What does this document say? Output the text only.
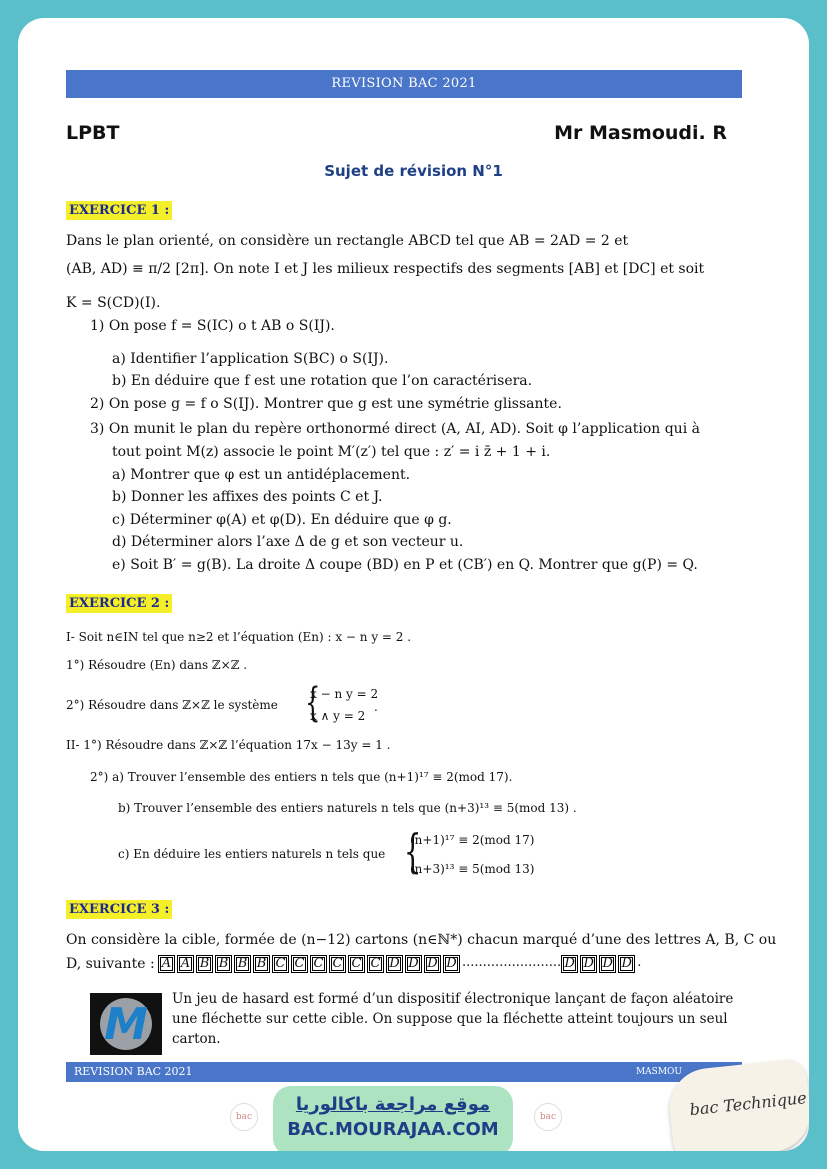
REVISION BAC 2021
LPBT	Mr Masmoudi. R
Sujet de révision N°1
EXERCICE 1 :
Dans le plan orienté, on considère un rectangle ABCD tel que AB = 2AD = 2 et
(AB, AD) ≡ π/2 [2π]. On note I et J les milieux respectifs des segments [AB] et [DC] et soit
K = S(CD)(I).
1) On pose f = S(IC) o t AB o S(IJ).
a) Identifier l’application S(BC) o S(IJ).
b) En déduire que f est une rotation que l’on caractérisera.
2) On pose g = f o S(IJ). Montrer que g est une symétrie glissante.
3) On munit le plan du repère orthonormé direct (A, AI, AD). Soit φ l’application qui à
tout point M(z) associe le point M′(z′) tel que : z′ = i z̄ + 1 + i.
a) Montrer que φ est un antidéplacement.
b) Donner les affixes des points C et J.
c) Déterminer φ(A) et φ(D). En déduire que φ g.
d) Déterminer alors l’axe Δ de g et son vecteur u.
e) Soit B′ = g(B). La droite Δ coupe (BD) en P et (CB′) en Q. Montrer que g(P) = Q.
EXERCICE 2 :
I- Soit n∈IN tel que n≥2 et l’équation (En) : x − n y = 2 .
1°) Résoudre (En) dans ℤ×ℤ .
2°) Résoudre dans ℤ×ℤ le système {
x − n y = 2
x ∧ y = 2
.
II- 1°) Résoudre dans ℤ×ℤ l’équation 17x − 13y = 1 .
2°) a) Trouver l’ensemble des entiers n tels que (n+1)¹⁷ ≡ 2(mod 17).
b) Trouver l’ensemble des entiers naturels n tels que (n+3)¹³ ≡ 5(mod 13) .
c) En déduire les entiers naturels n tels que {
(n+1)¹⁷ ≡ 2(mod 17)
(n+3)¹³ ≡ 5(mod 13)
EXERCICE 3 :
On considère la cible, formée de (n−12) cartons (n∈ℕ*) chacun marqué d’une des lettres A, B, C ou
D, suivante : A A B B B B C C C C C C D D D D ........................ D D D D .
M	Un jeu de hasard est formé d’un dispositif électronique lançant de façon aléatoire
une fléchette sur cette cible. On suppose que la fléchette atteint toujours un seul
carton.
REVISION BAC 2021	MASMOU
bac	bac
موقع مراجعة باكالوريا
BAC.MOURAJAA.COM
bac Technique
